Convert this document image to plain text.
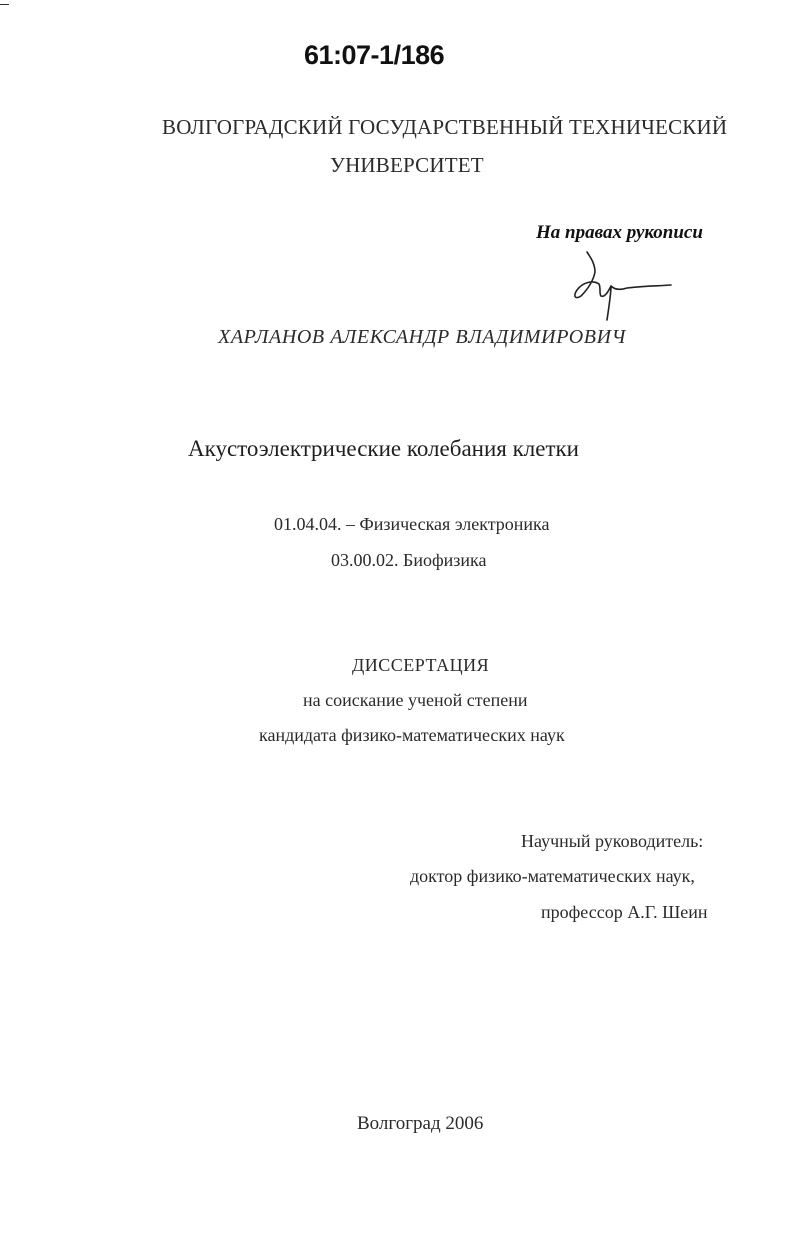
61:07-1/186
ВОЛГОГРАДСКИЙ ГОСУДАРСТВЕННЫЙ ТЕХНИЧЕСКИЙ
УНИВЕРСИТЕТ
На правах рукописи
ХАРЛАНОВ АЛЕКСАНДР ВЛАДИМИРОВИЧ
Акустоэлектрические колебания клетки
01.04.04. – Физическая электроника
03.00.02. Биофизика
ДИССЕРТАЦИЯ
на соискание ученой степени
кандидата физико-математических наук
Научный руководитель:
доктор физико-математических наук,
профессор А.Г. Шеин
Волгоград 2006
